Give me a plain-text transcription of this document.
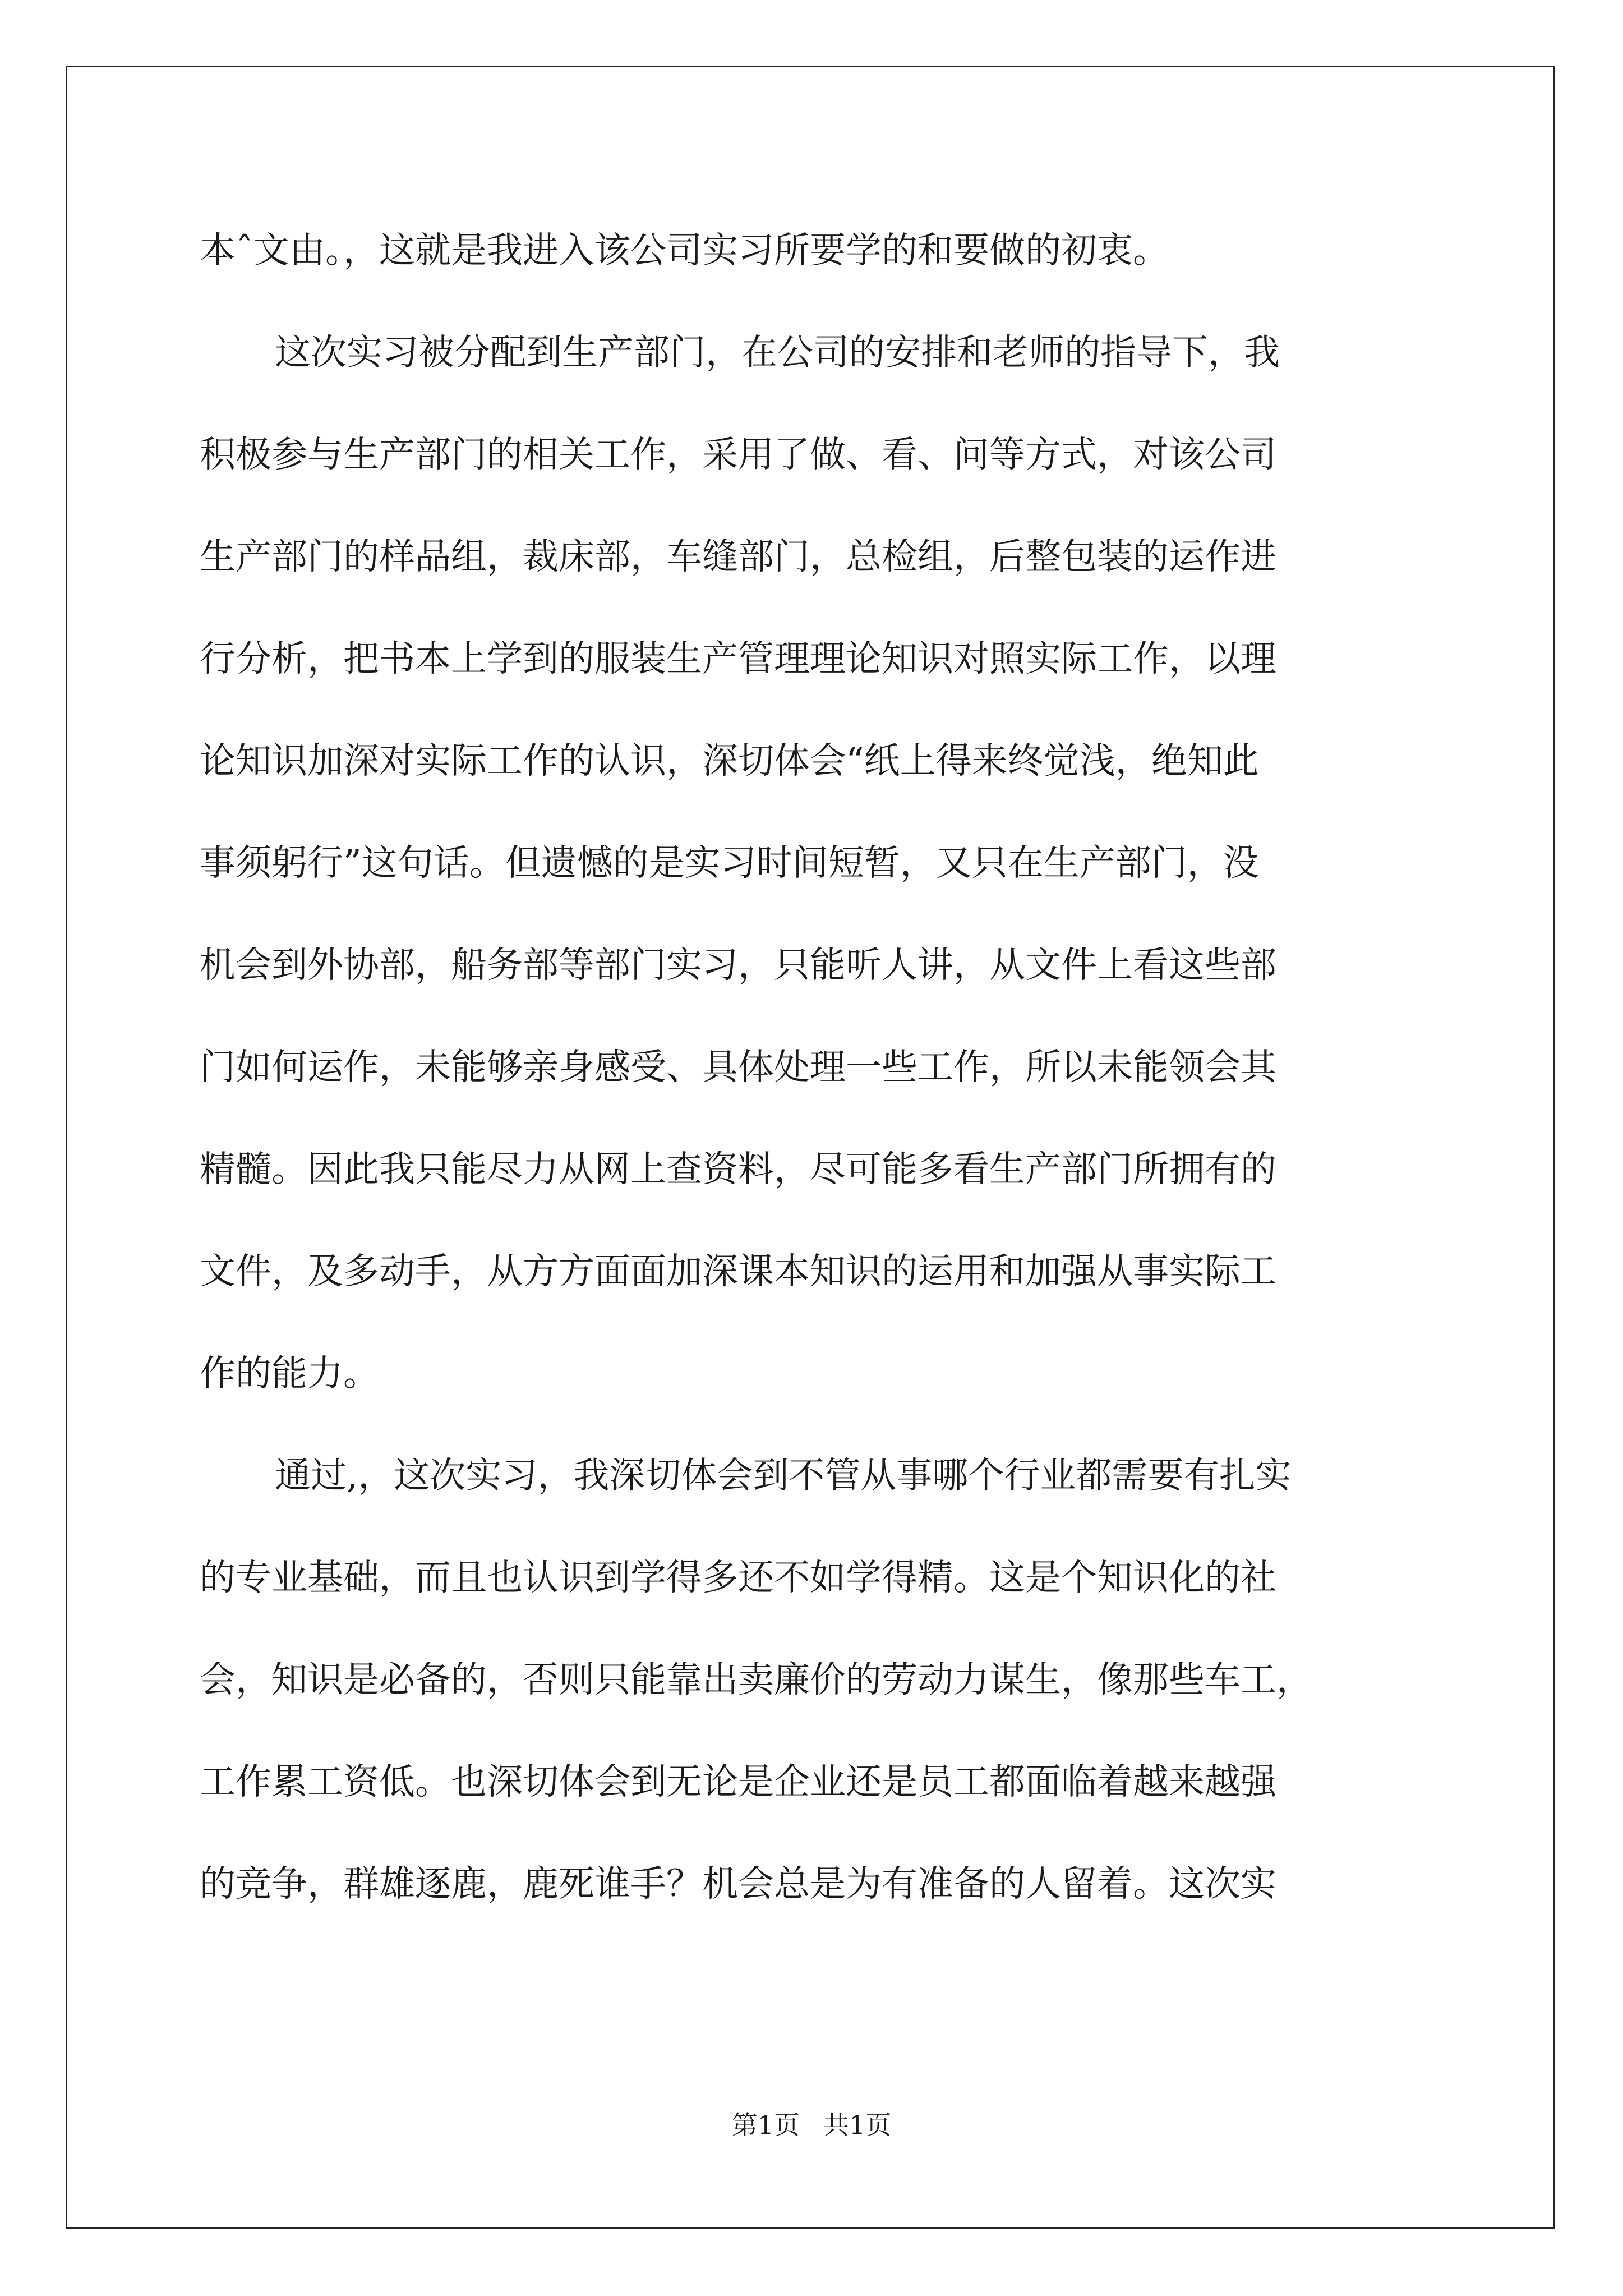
本ˆ文由。，这就是我进入该公司实习所要学的和要做的初衷。
这次实习被分配到生产部门，在公司的安排和老师的指导下，我
积极参与生产部门的相关工作，采用了做、看、问等方式，对该公司
生产部门的样品组，裁床部，车缝部门，总检组，后整包装的运作进
行分析，把书本上学到的服装生产管理理论知识对照实际工作，以理
论知识加深对实际工作的认识，深切体会“纸上得来终觉浅，绝知此
事须躬行”这句话。但遗憾的是实习时间短暂，又只在生产部门，没
机会到外协部，船务部等部门实习，只能听人讲，从文件上看这些部
门如何运作，未能够亲身感受、具体处理一些工作，所以未能领会其
精髓。因此我只能尽力从网上查资料，尽可能多看生产部门所拥有的
文件，及多动手，从方方面面加深课本知识的运用和加强从事实际工
作的能力。
通过,，这次实习，我深切体会到不管从事哪个行业都需要有扎实
的专业基础，而且也认识到学得多还不如学得精。这是个知识化的社
会，知识是必备的，否则只能靠出卖廉价的劳动力谋生，像那些车工，
工作累工资低。也深切体会到无论是企业还是员工都面临着越来越强
的竞争，群雄逐鹿，鹿死谁手？机会总是为有准备的人留着。这次实
第1页 共1页
